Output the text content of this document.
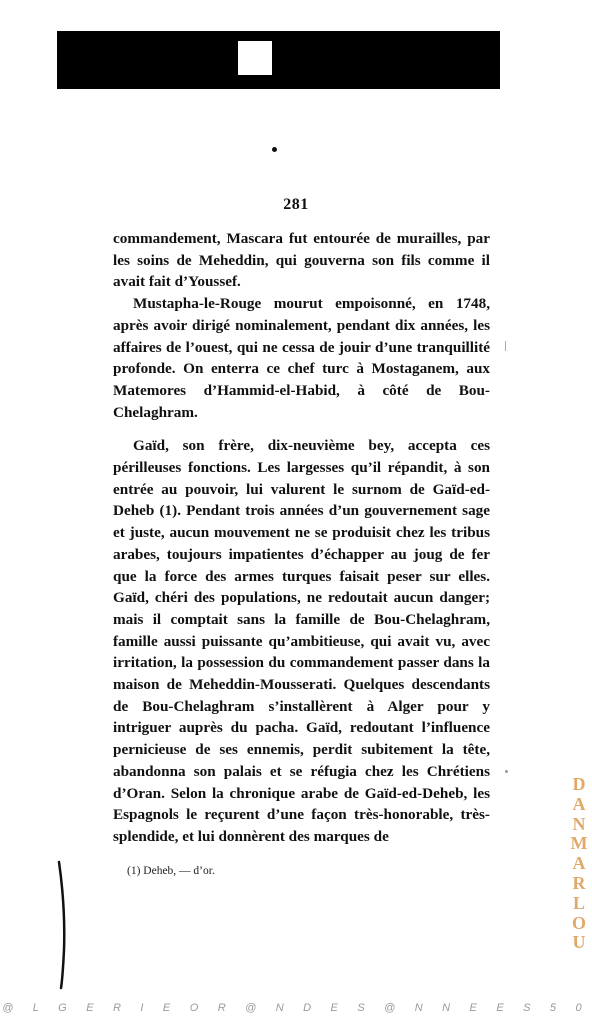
281

commandement, Mascara fut entourée de murailles, par les soins de Meheddin, qui gouverna son fils comme il avait fait d’Youssef.

Mustapha-le-Rouge mourut empoisonné, en 1748, après avoir dirigé nominalement, pendant dix années, les affaires de l’ouest, qui ne cessa de jouir d’une tranquillité profonde. On enterra ce chef turc à Mostaganem, aux Matemores d’Hammid-el-Habid, à côté de Bou-Chelaghram.

Gaïd, son frère, dix-neuvième bey, accepta ces périlleuses fonctions. Les largesses qu’il répandit, à son entrée au pouvoir, lui valurent le surnom de Gaïd-ed-Deheb (1). Pendant trois années d’un gouvernement sage et juste, aucun mouvement ne se produisit chez les tribus arabes, toujours impatientes d’échapper au joug de fer que la force des armes turques faisait peser sur elles. Gaïd, chéri des populations, ne redoutait aucun danger; mais il comptait sans la famille de Bou-Chelaghram, famille aussi puissante qu’ambitieuse, qui avait vu, avec irritation, la possession du commandement passer dans la maison de Meheddin-Mousserati. Quelques descendants de Bou-Chelaghram s’installèrent à Alger pour y intriguer auprès du pacha. Gaïd, redoutant l’influence pernicieuse de ses ennemis, perdit subitement la tête, abandonna son palais et se réfugia chez les Chrétiens d’Oran. Selon la chronique arabe de Gaïd-ed-Deheb, les Espagnols le reçurent d’une façon très-honorable, très-splendide, et lui donnèrent des marques de

(1) Deheb, — d’or.
D
A
N
M
A
R
L
O
U
@ L G E R I E O R @ N D E S @ N N E E S 5 0
